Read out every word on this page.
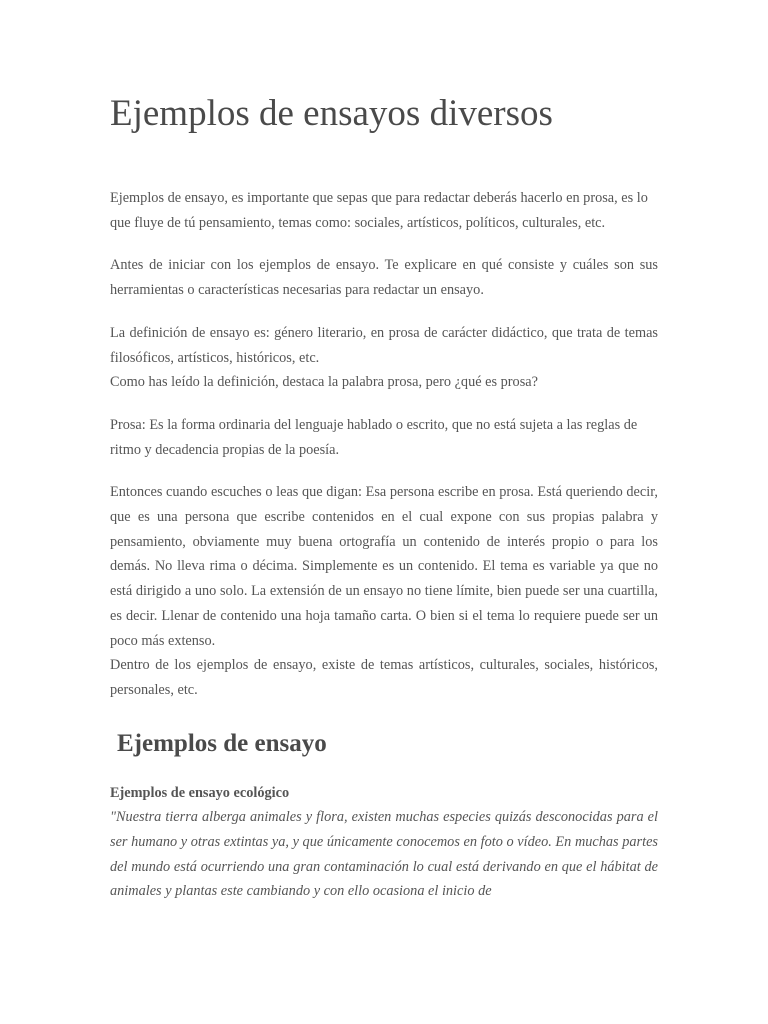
Ejemplos de ensayos diversos

Ejemplos de ensayo, es importante que sepas que para redactar deberás hacerlo en prosa, es lo que fluye de tú pensamiento, temas como: sociales, artísticos, políticos, culturales, etc.

Antes de iniciar con los ejemplos de ensayo. Te explicare en qué consiste y cuáles son sus herramientas o características necesarias para redactar un ensayo.

La definición de ensayo es: género literario, en prosa de carácter didáctico, que trata de temas filosóficos, artísticos, históricos, etc.

Como has leído la definición, destaca la palabra prosa, pero ¿qué es prosa?

Prosa: Es la forma ordinaria del lenguaje hablado o escrito, que no está sujeta a las reglas de ritmo y decadencia propias de la poesía.

Entonces cuando escuches o leas que digan: Esa persona escribe en prosa. Está queriendo decir, que es una persona que escribe contenidos en el cual expone con sus propias palabra y pensamiento, obviamente muy buena ortografía un contenido de interés propio o para los demás. No lleva rima o décima. Simplemente es un contenido. El tema es variable ya que no está dirigido a uno solo. La extensión de un ensayo no tiene límite, bien puede ser una cuartilla, es decir. Llenar de contenido una hoja tamaño carta. O bien si el tema lo requiere puede ser un poco más extenso.

Dentro de los ejemplos de ensayo, existe de temas artísticos, culturales, sociales, históricos, personales, etc.

Ejemplos de ensayo
Ejemplos de ensayo ecológico

"Nuestra tierra alberga animales y flora, existen muchas especies quizás desconocidas para el ser humano y otras extintas ya, y que únicamente conocemos en foto o vídeo. En muchas partes del mundo está ocurriendo una gran contaminación lo cual está derivando en que el hábitat de animales y plantas este cambiando y con ello ocasiona el inicio de
